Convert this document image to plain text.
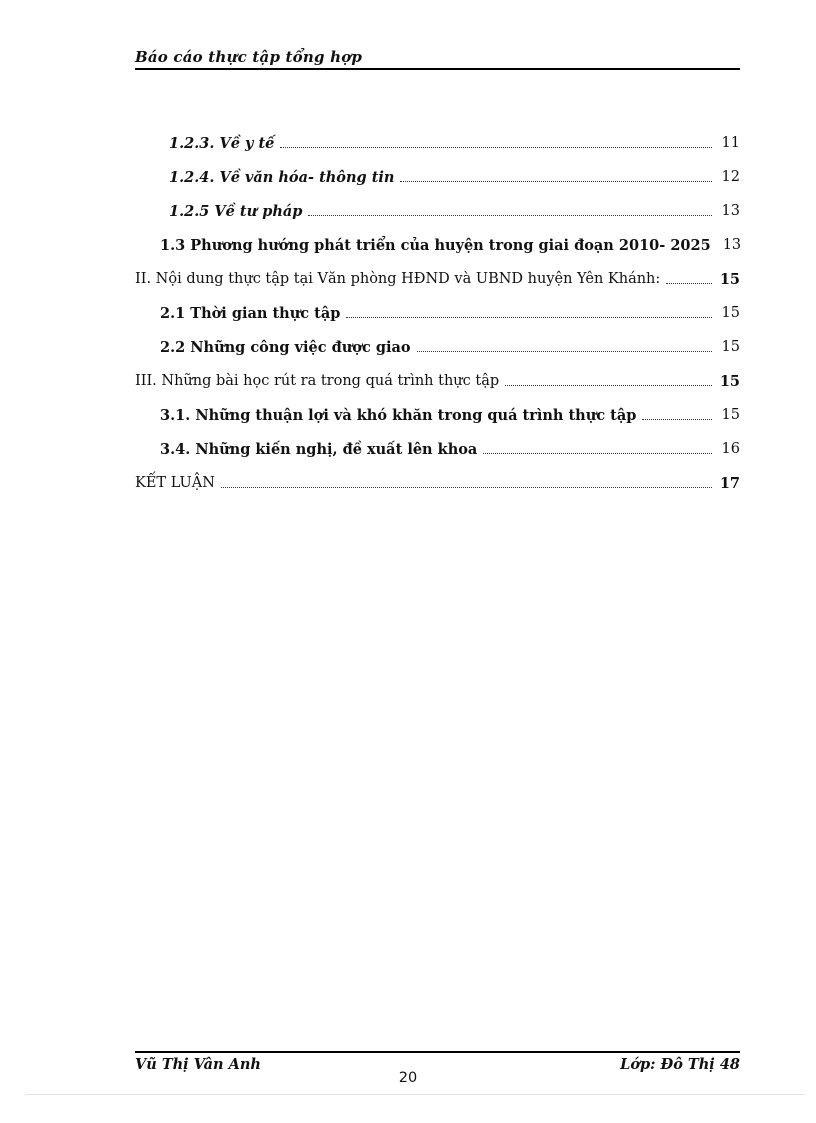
Báo cáo thực tập tổng hợp
1.2.3. Về y tế	11
1.2.4. Về văn hóa- thông tin	12
1.2.5 Về tư pháp	13
1.3 Phương hướng phát triển của huyện trong giai đoạn 2010- 2025 13
II. Nội dung thực tập tại Văn phòng HĐND và UBND huyện Yên Khánh:	15
2.1 Thời gian thực tập	15
2.2 Những công việc được giao	15
III. Những bài học rút ra trong quá trình thực tập	15
3.1. Những thuận lợi và khó khăn trong quá trình thực tập	15
3.4. Những kiến nghị, đề xuất lên khoa	16
KẾT LUẬN	17
Vũ Thị Vân Anh	Lớp: Đô Thị 48
20
